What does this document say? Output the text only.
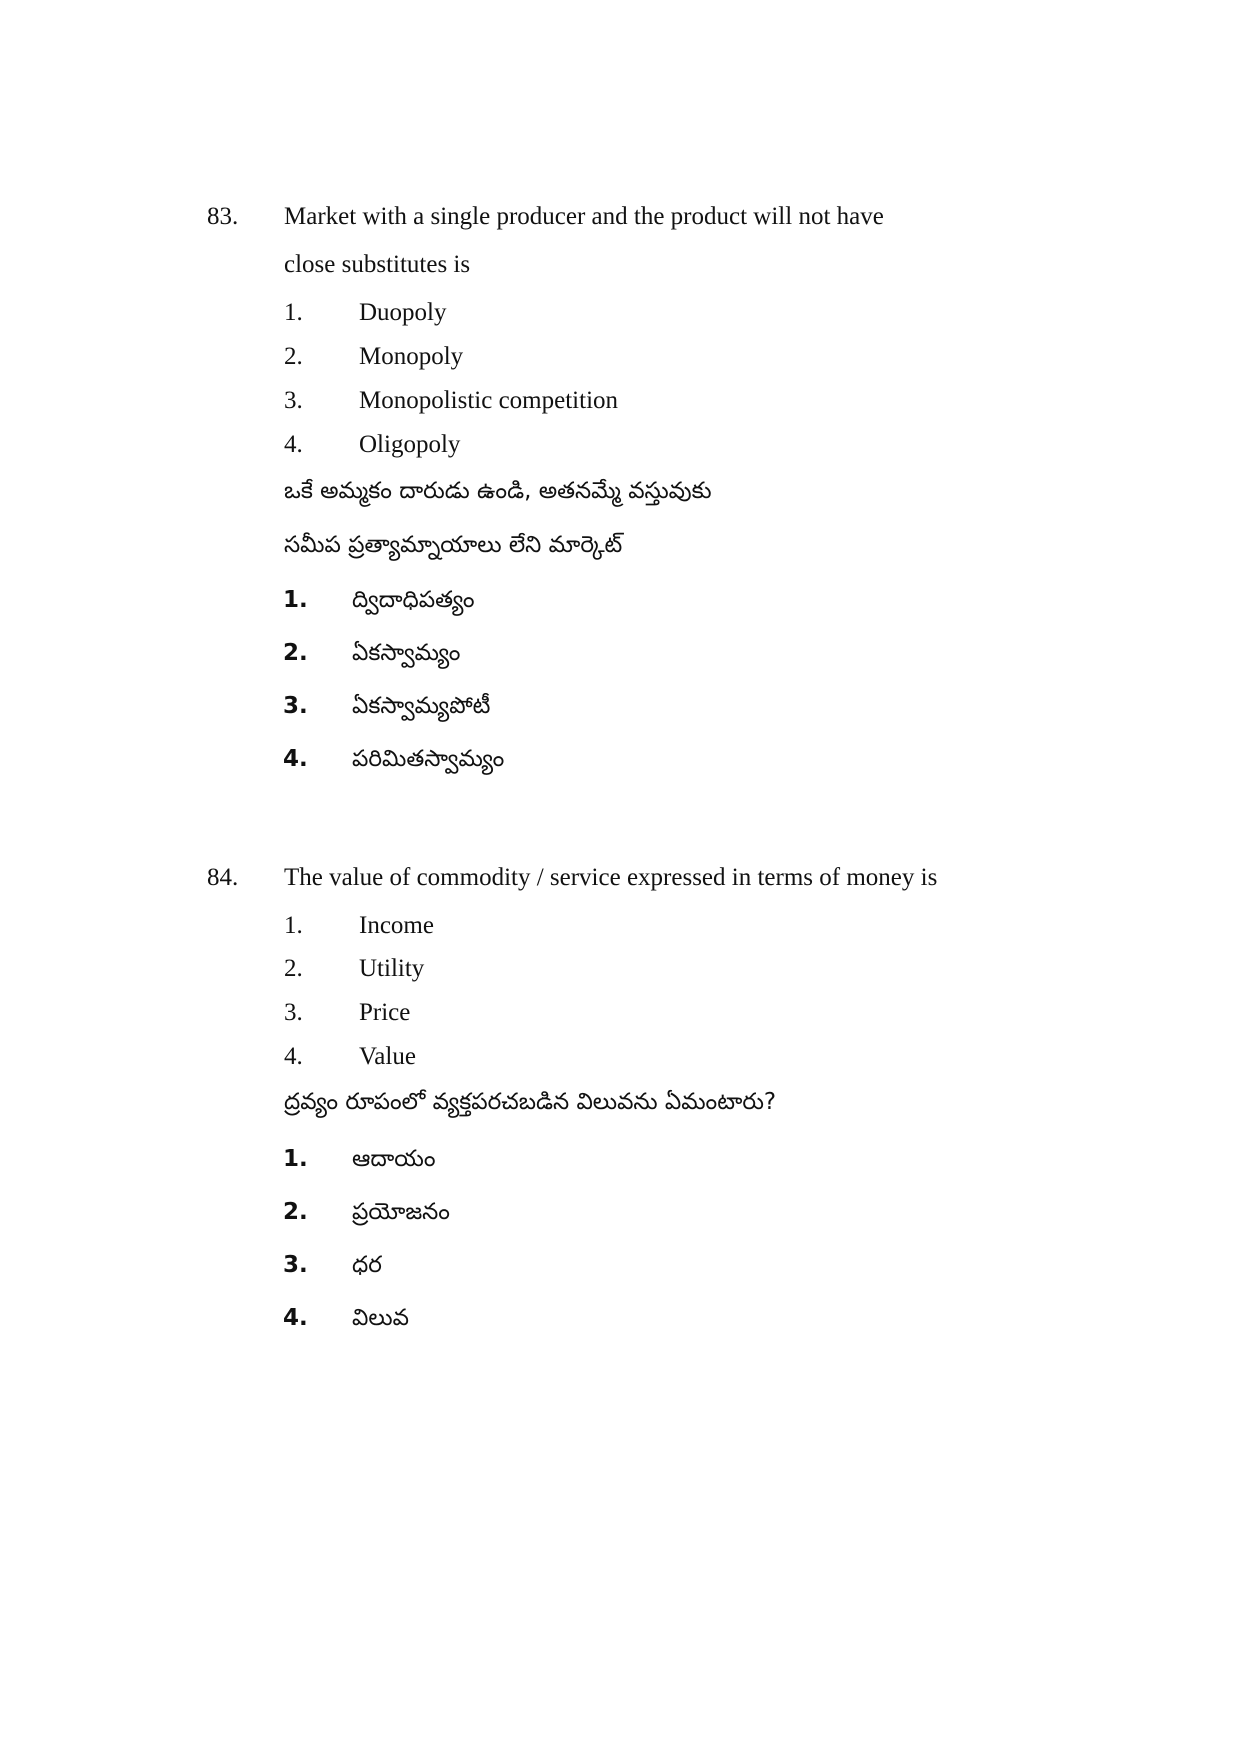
83. Market with a single producer and the product will not have
close substitutes is
1. Duopoly
2. Monopoly
3. Monopolistic competition
4. Oligopoly
ఒకే అమ్మకం దారుడు ఉండి, అతనమ్మే వస్తువుకు
సమీప ప్రత్యామ్నాయాలు లేని మార్కెట్
1. ద్విదాధిపత్యం
2. ఏకస్వామ్యం
3. ఏకస్వామ్యపోటీ
4. పరిమితస్వామ్యం
84. The value of commodity / service expressed in terms of money is
1. Income
2. Utility
3. Price
4. Value
ద్రవ్యం రూపంలో వ్యక్తపరచబడిన విలువను ఏమంటారు?
1. ఆదాయం
2. ప్రయోజనం
3. ధర
4. విలువ
